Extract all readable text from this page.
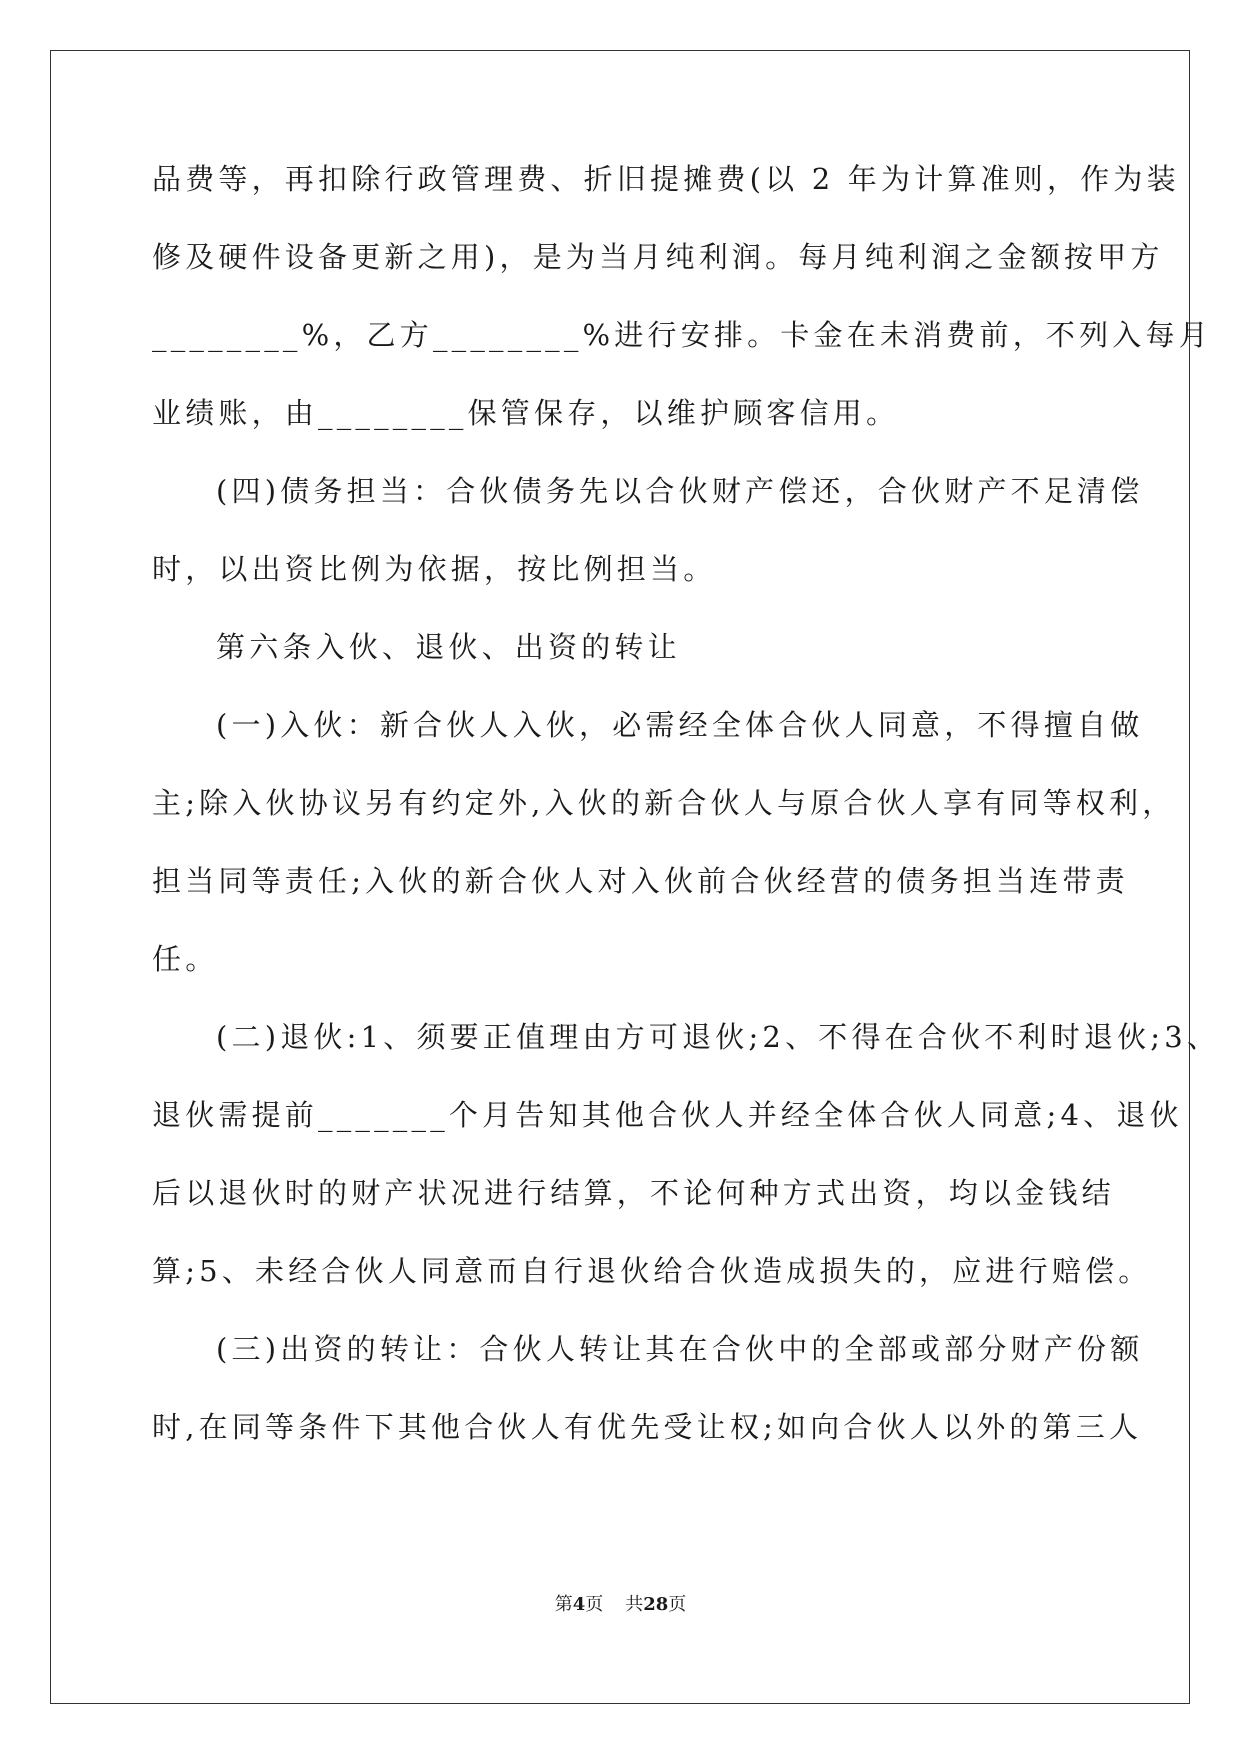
品费等，再扣除行政管理费、折旧提摊费(以 2 年为计算准则，作为装
修及硬件设备更新之用)，是为当月纯利润。每月纯利润之金额按甲方
________%，乙方________%进行安排。卡金在未消费前，不列入每月
业绩账，由________保管保存，以维护顾客信用。
(四)债务担当：合伙债务先以合伙财产偿还，合伙财产不足清偿
时，以出资比例为依据，按比例担当。
第六条入伙、退伙、出资的转让
(一)入伙：新合伙人入伙，必需经全体合伙人同意，不得擅自做
主;除入伙协议另有约定外,入伙的新合伙人与原合伙人享有同等权利，
担当同等责任;入伙的新合伙人对入伙前合伙经营的债务担当连带责
任。
(二)退伙:1、须要正值理由方可退伙;2、不得在合伙不利时退伙;3、
退伙需提前_______个月告知其他合伙人并经全体合伙人同意;4、退伙
后以退伙时的财产状况进行结算，不论何种方式出资，均以金钱结
算;5、未经合伙人同意而自行退伙给合伙造成损失的，应进行赔偿。
(三)出资的转让：合伙人转让其在合伙中的全部或部分财产份额
时,在同等条件下其他合伙人有优先受让权;如向合伙人以外的第三人
第4页 共28页
